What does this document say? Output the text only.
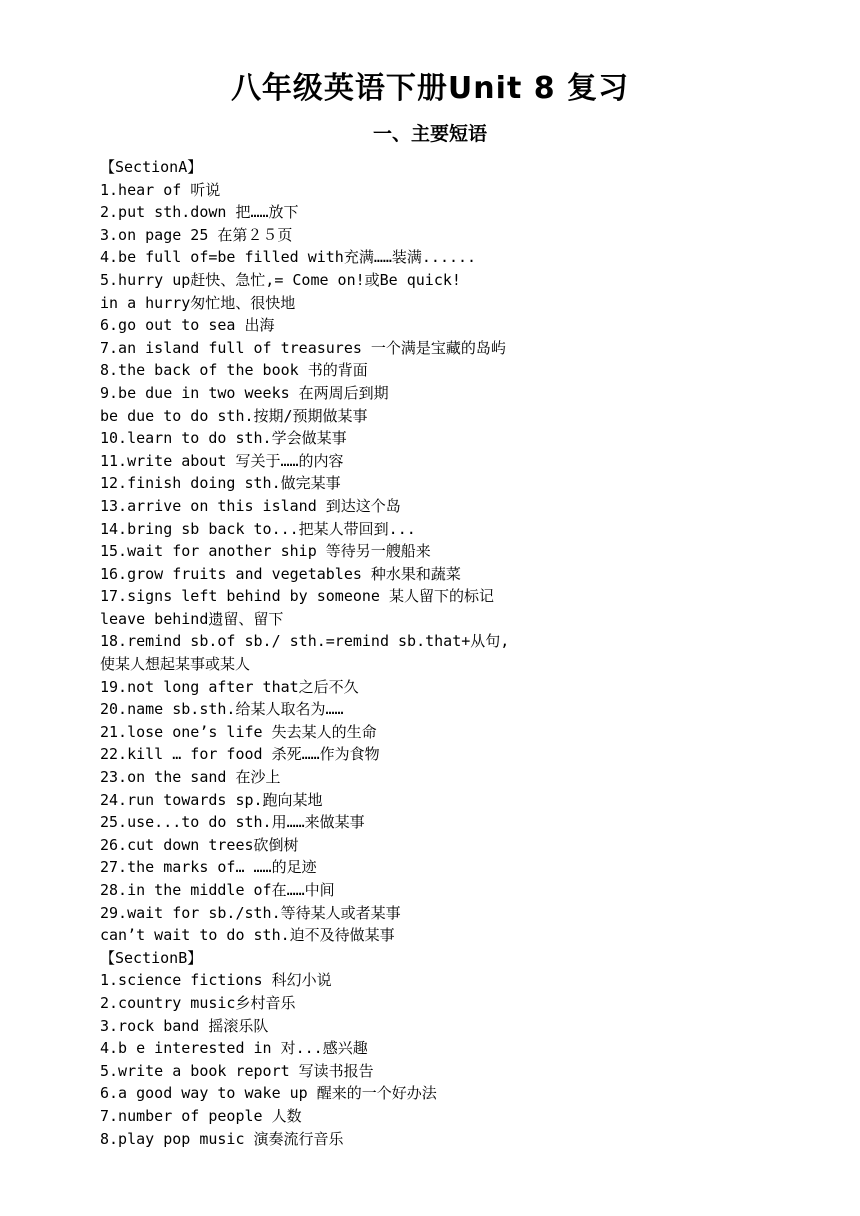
八年级英语下册Unit 8 复习
一、主要短语
【SectionA】
1.hear of 听说
2.put sth.down 把……放下
3.on page 25 在第２５页
4.be full of=be filled with充满……装满......
5.hurry up赶快、急忙,= Come on!或Be quick!
in a hurry匆忙地、很快地
6.go out to sea 出海
7.an island full of treasures 一个满是宝藏的岛屿
8.the back of the book 书的背面
9.be due in two weeks 在两周后到期
be due to do sth.按期/预期做某事
10.learn to do sth.学会做某事
11.write about 写关于……的内容
12.finish doing sth.做完某事
13.arrive on this island 到达这个岛
14.bring sb back to...把某人带回到...
15.wait for another ship 等待另一艘船来
16.grow fruits and vegetables 种水果和蔬菜
17.signs left behind by someone 某人留下的标记
leave behind遗留、留下
18.remind sb.of sb./ sth.=remind sb.that+从句,
使某人想起某事或某人
19.not long after that之后不久
20.name sb.sth.给某人取名为……
21.lose one’s life 失去某人的生命
22.kill … for food 杀死……作为食物
23.on the sand 在沙上
24.run towards sp.跑向某地
25.use...to do sth.用……来做某事
26.cut down trees砍倒树
27.the marks of… ……的足迹
28.in the middle of在……中间
29.wait for sb./sth.等待某人或者某事
can’t wait to do sth.迫不及待做某事
【SectionB】
1.science fictions 科幻小说
2.country music乡村音乐
3.rock band 摇滚乐队
4.b e interested in 对...感兴趣
5.write a book report 写读书报告
6.a good way to wake up 醒来的一个好办法
7.number of people 人数
8.play pop music 演奏流行音乐
